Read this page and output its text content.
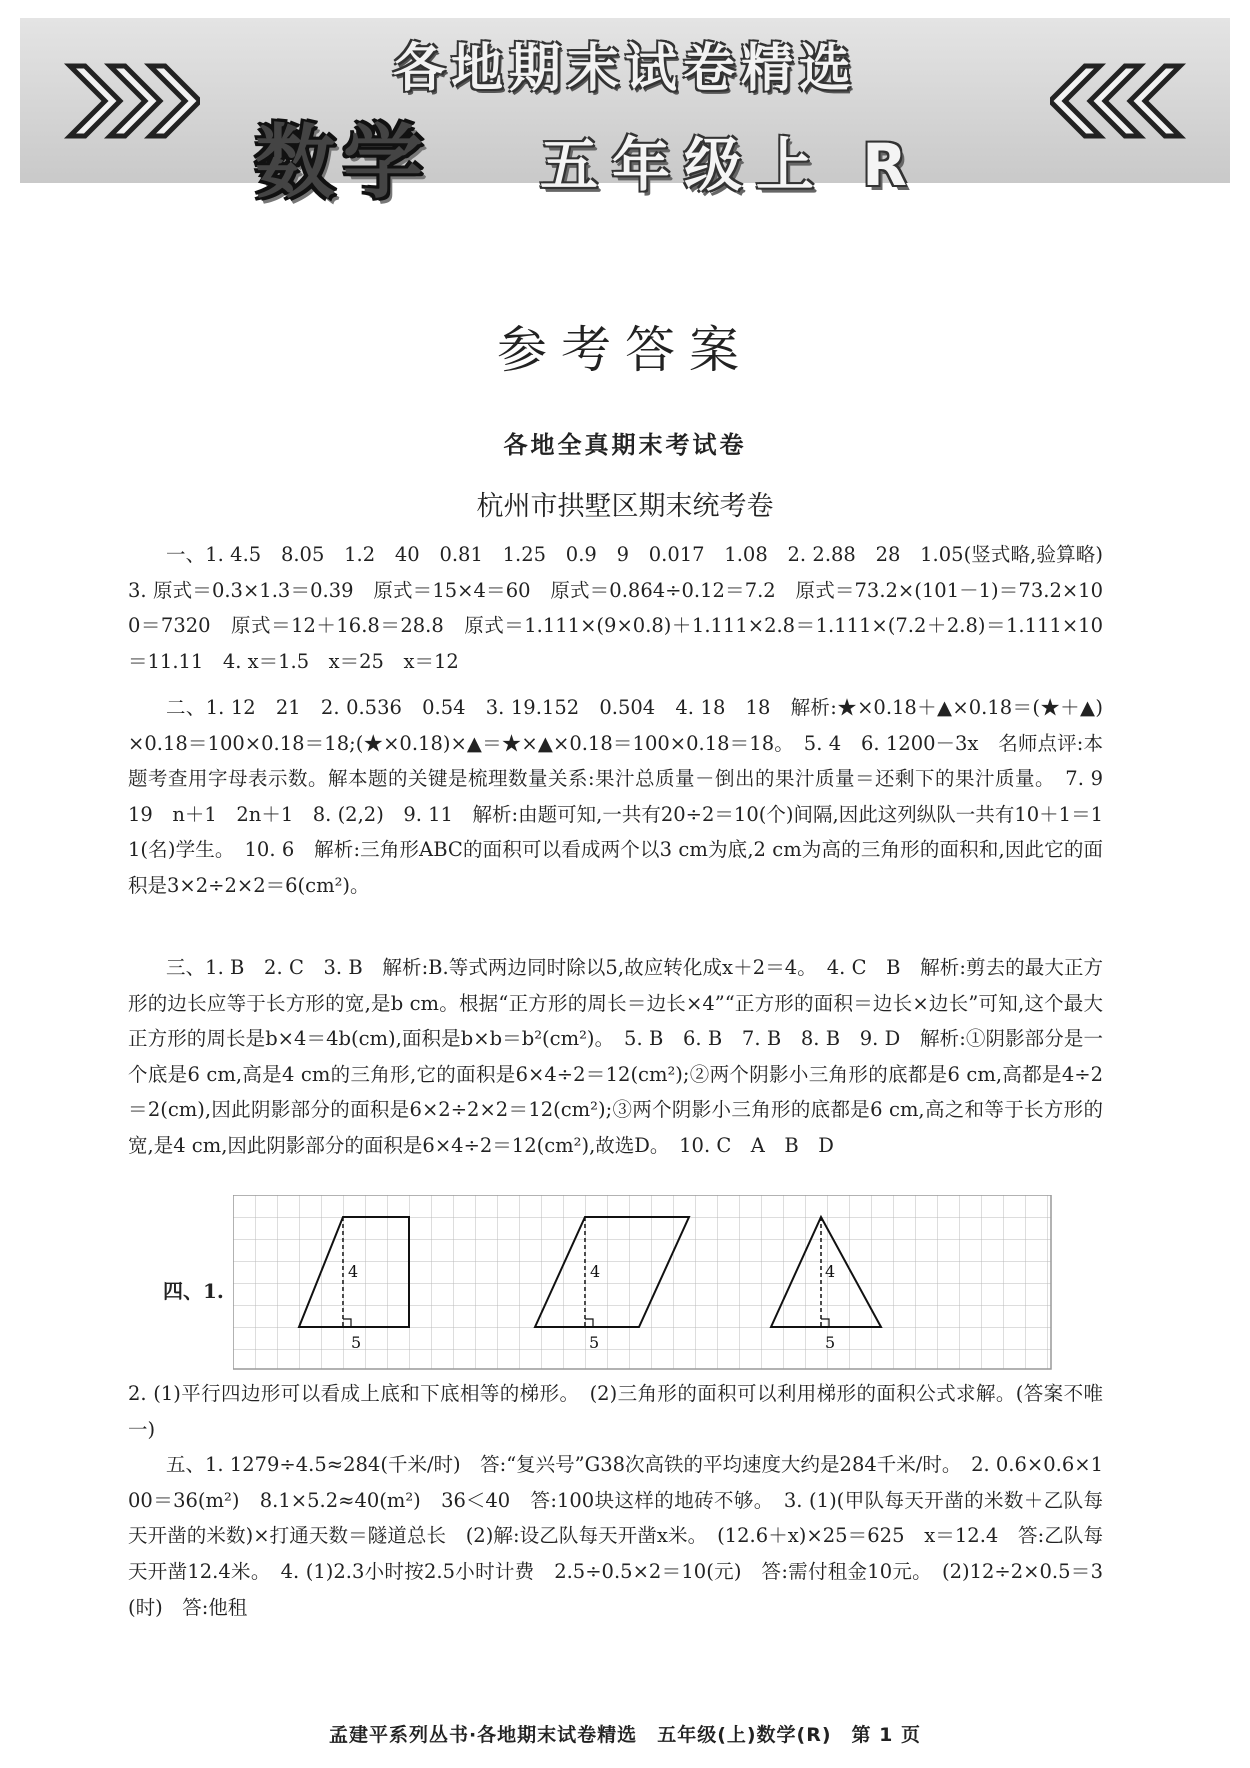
各地期末试卷精选
数学 五年级上 R
参考答案
各地全真期末考试卷
杭州市拱墅区期末统考卷

一、1. 4.5　8.05　1.2　40　0.81　1.25　0.9　9　0.017　1.08　2. 2.88　28　1.05(竖式略,验算略)　3. 原式＝0.3×1.3＝0.39　原式＝15×4＝60　原式＝0.864÷0.12＝7.2　原式＝73.2×(101－1)＝73.2×100＝7320　原式＝12＋16.8＝28.8　原式＝1.111×(9×0.8)＋1.111×2.8＝1.111×(7.2＋2.8)＝1.111×10＝11.11　4. x＝1.5　x＝25　x＝12

二、1. 12　21　2. 0.536　0.54　3. 19.152　0.504　4. 18　18　解析:★×0.18＋▲×0.18＝(★＋▲)×0.18＝100×0.18＝18;(★×0.18)×▲＝★×▲×0.18＝100×0.18＝18。　5. 4　6. 1200－3x　名师点评:本题考查用字母表示数。解本题的关键是梳理数量关系:果汁总质量－倒出的果汁质量＝还剩下的果汁质量。　7. 9　19　n＋1　2n＋1　8. (2,2)　9. 11　解析:由题可知,一共有20÷2＝10(个)间隔,因此这列纵队一共有10＋1＝11(名)学生。　10. 6　解析:三角形ABC的面积可以看成两个以3 cm为底,2 cm为高的三角形的面积和,因此它的面积是3×2÷2×2＝6(cm²)。

三、1. B　2. C　3. B　解析:B.等式两边同时除以5,故应转化成x＋2＝4。　4. C　B　解析:剪去的最大正方形的边长应等于长方形的宽,是b cm。根据“正方形的周长＝边长×4”“正方形的面积＝边长×边长”可知,这个最大正方形的周长是b×4＝4b(cm),面积是b×b＝b²(cm²)。　5. B　6. B　7. B　8. B　9. D　解析:①阴影部分是一个底是6 cm,高是4 cm的三角形,它的面积是6×4÷2＝12(cm²);②两个阴影小三角形的底都是6 cm,高都是4÷2＝2(cm),因此阴影部分的面积是6×2÷2×2＝12(cm²);③两个阴影小三角形的底都是6 cm,高之和等于长方形的宽,是4 cm,因此阴影部分的面积是6×4÷2＝12(cm²),故选D。　10. C　A　B　D

四、1.
4
5
4
5
4
5

2. (1)平行四边形可以看成上底和下底相等的梯形。　(2)三角形的面积可以利用梯形的面积公式求解。(答案不唯一)

五、1. 1279÷4.5≈284(千米/时)　答:“复兴号”G38次高铁的平均速度大约是284千米/时。　2. 0.6×0.6×100＝36(m²)　8.1×5.2≈40(m²)　36＜40　答:100块这样的地砖不够。　3. (1)(甲队每天开凿的米数＋乙队每天开凿的米数)×打通天数＝隧道总长　(2)解:设乙队每天开凿x米。　(12.6＋x)×25＝625　x＝12.4　答:乙队每天开凿12.4米。　4. (1)2.3小时按2.5小时计费　2.5÷0.5×2＝10(元)　答:需付租金10元。　(2)12÷2×0.5＝3(时)　答:他租

孟建平系列丛书·各地期末试卷精选　五年级(上)数学(R)　第 1 页
